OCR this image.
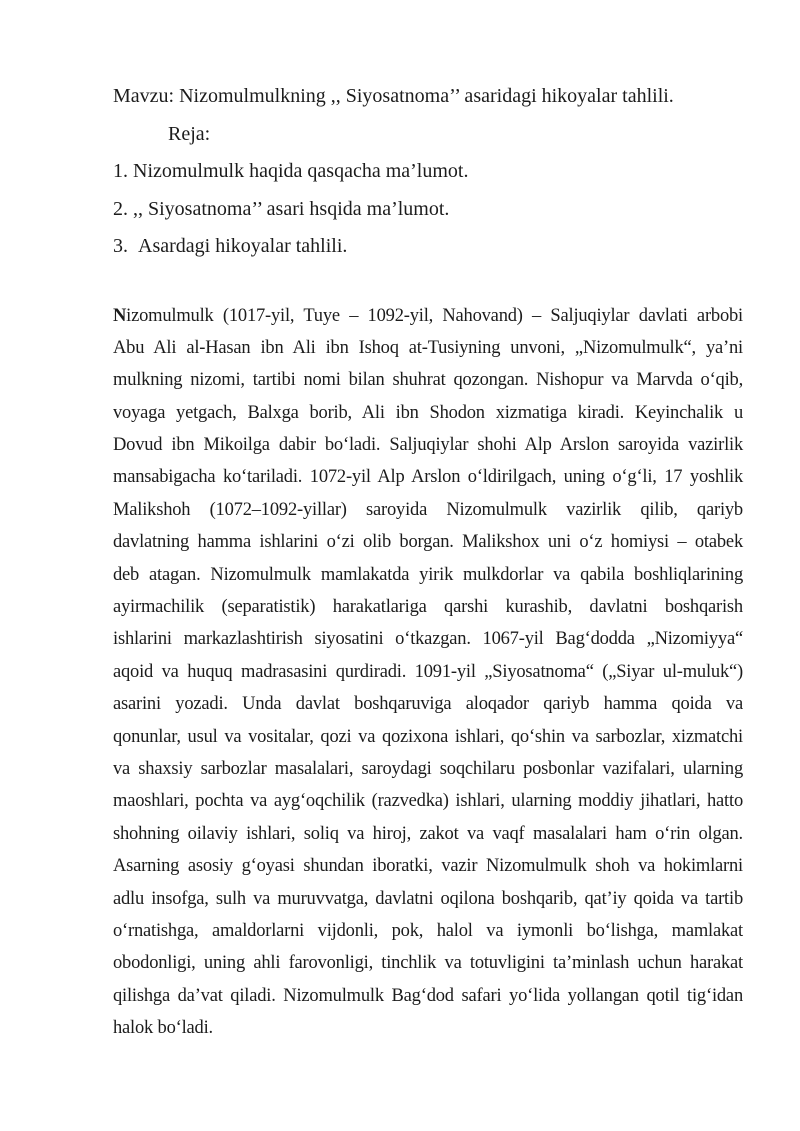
Mavzu: Nizomulmulkning ,, Siyosatnoma’’ asaridagi hikoyalar tahlili.
Reja:
1. Nizomulmulk haqida qasqacha ma’lumot.
2. ,, Siyosatnoma’’ asari hsqida ma’lumot.
3.  Asardagi hikoyalar tahlili.
Nizomulmulk (1017-yil, Tuye – 1092-yil, Nahovand) – Saljuqiylar davlati arbobi
Abu Ali al-Hasan ibn Ali ibn Ishoq at-Tusiyning unvoni, „Nizomulmulk“, ya’ni
mulkning nizomi, tartibi nomi bilan shuhrat qozongan. Nishopur va Marvda o‘qib,
voyaga yetgach, Balxga borib, Ali ibn Shodon xizmatiga kiradi. Keyinchalik u
Dovud ibn Mikoilga dabir bo‘ladi. Saljuqiylar shohi Alp Arslon saroyida vazirlik
mansabigacha ko‘tariladi. 1072-yil Alp Arslon o‘ldirilgach, uning o‘g‘li, 17 yoshlik
Malikshoh (1072–1092-yillar) saroyida Nizomulmulk vazirlik qilib, qariyb
davlatning hamma ishlarini o‘zi olib borgan. Malikshox uni o‘z homiysi – otabek
deb atagan. Nizomulmulk mamlakatda yirik mulkdorlar va qabila boshliqlarining
ayirmachilik (separatistik) harakatlariga qarshi kurashib, davlatni boshqarish
ishlarini markazlashtirish siyosatini o‘tkazgan. 1067-yil Bag‘dodda „Nizomiyya“
aqoid va huquq madrasasini qurdiradi. 1091-yil „Siyosatnoma“ („Siyar ul-muluk“)
asarini yozadi. Unda davlat boshqaruviga aloqador qariyb hamma qoida va
qonunlar, usul va vositalar, qozi va qozixona ishlari, qo‘shin va sarbozlar, xizmatchi
va shaxsiy sarbozlar masalalari, saroydagi soqchilaru posbonlar vazifalari, ularning
maoshlari, pochta va ayg‘oqchilik (razvedka) ishlari, ularning moddiy jihatlari, hatto
shohning oilaviy ishlari, soliq va hiroj, zakot va vaqf masalalari ham o‘rin olgan.
Asarning asosiy g‘oyasi shundan iboratki, vazir Nizomulmulk shoh va hokimlarni
adlu insofga, sulh va muruvvatga, davlatni oqilona boshqarib, qat’iy qoida va tartib
o‘rnatishga, amaldorlarni vijdonli, pok, halol va iymonli bo‘lishga, mamlakat
obodonligi, uning ahli farovonligi, tinchlik va totuvligini ta’minlash uchun harakat
qilishga da’vat qiladi. Nizomulmulk Bag‘dod safari yo‘lida yollangan qotil tig‘idan
halok bo‘ladi.
